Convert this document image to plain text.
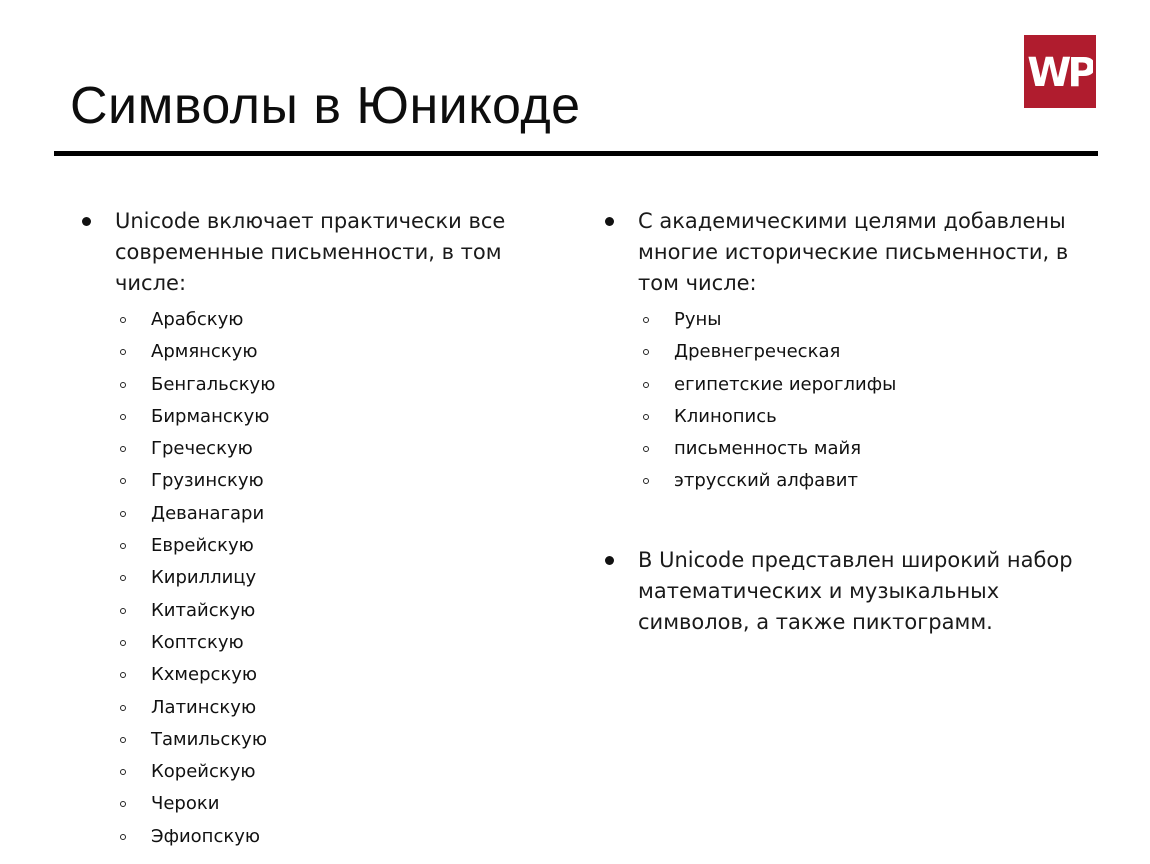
Символы в Юникоде
WP
Unicode включает практически все современные письменности, в том числе:
Арабскую
Армянскую
Бенгальскую
Бирманскую
Греческую
Грузинскую
Деванагари
Еврейскую
Кириллицу
Китайскую
Коптскую
Кхмерскую
Латинскую
Тамильскую
Корейскую
Чероки
Эфиопскую
С академическими целями добавлены многие исторические письменности, в том числе:
Руны
Древнегреческая
египетские иероглифы
Клинопись
письменность майя
этрусский алфавит
В Unicode представлен широкий набор математических и музыкальных символов, а также пиктограмм.
